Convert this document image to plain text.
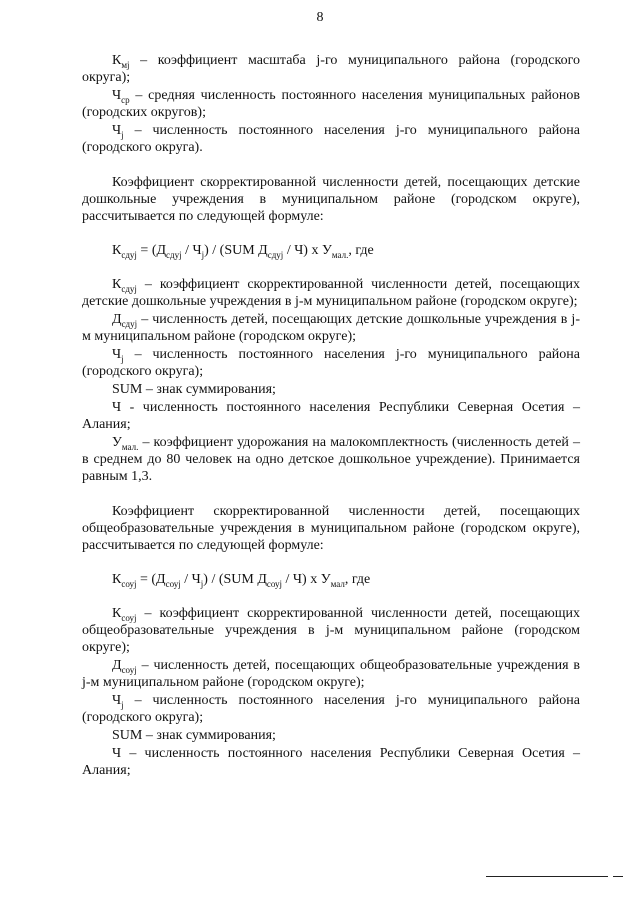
8

$К_{мj}$ – коэффициент масштаба j-го муниципального района (городского округа);

$Ч_{ср}$ – средняя численность постоянного населения муниципальных районов (городских округов);

$Ч_j$ – численность постоянного населения j-го муниципального района (городского округа).

Коэффициент скорректированной численности детей, посещающих детские дошкольные учреждения в муниципальном районе (городском округе), рассчитывается по следующей формуле:

$К_{сдуj} = (Д_{сдуj} / Ч_j) / (SUM$ $Д_{сдуj} / Ч$) x $У_{мал.}$, где

$К_{сдуj}$ – коэффициент скорректированной численности детей, посещающих детские дошкольные учреждения в j-м муниципальном районе (городском округе);

$Д_{сдуj}$ – численность детей, посещающих детские дошкольные учреждения в j-м муниципальном районе (городском округе);

$Ч_j$ – численность постоянного населения j-го муниципального района (городского округа);

SUM – знак суммирования;

Ч - численность постоянного населения Республики Северная Осетия – Алания;

$У_{мал.}$ – коэффициент удорожания на малокомплектность (численность детей – в среднем до 80 человек на одно детское дошкольное учреждение). Принимается равным 1,3.

Коэффициент скорректированной численности детей, посещающих общеобразовательные учреждения в муниципальном районе (городском округе), рассчитывается по следующей формуле:

$К_{соуj} = (Д_{соуj} / Ч_j) / (SUM$ $Д_{соуj} / Ч$) x $У_{мал}$, где

$К_{соуj}$ – коэффициент скорректированной численности детей, посещающих общеобразовательные учреждения в j-м муниципальном районе (городском округе);

$Д_{соуj}$ – численность детей, посещающих общеобразовательные учреждения в j-м муниципальном районе (городском округе);

$Ч_j$ – численность постоянного населения j-го муниципального района (городского округа);

SUM – знак суммирования;

Ч – численность постоянного населения Республики Северная Осетия – Алания;
